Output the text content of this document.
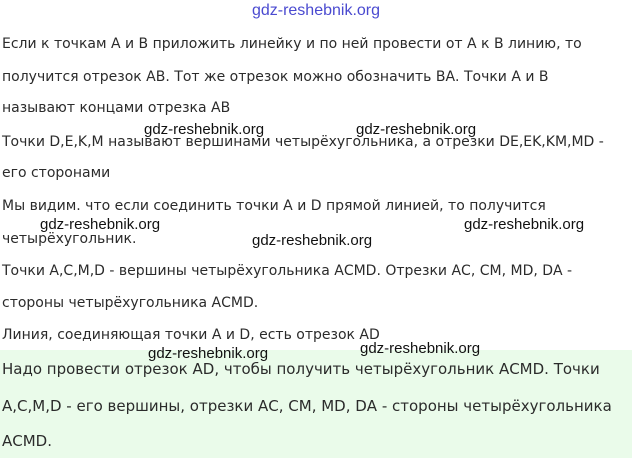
gdz-reshebnik.org
Если к точкам А и В приложить линейку и по ней провести от А к В линию, то
получится отрезок АВ. Тот же отрезок можно обозначить ВА. Точки А и В
называют концами отрезка АВ
Точки D,E,K,M называют вершинами четырёхугольника, а отрезки DE,EK,KM,MD -
его сторонами
Мы видим. что если соединить точки А и D прямой линией, то получится
четырёхугольник.
Точки А,С,М,D - вершины четырёхугольника АСМD. Отрезки АС, СМ, МD, DА -
стороны четырёхугольника АСМD.
Линия, соединяющая точки А и D, есть отрезок АD
Надо провести отрезок АD, чтобы получить четырёхугольник АСМD. Точки
А,С,М,D - его вершины, отрезки АС, СМ, МD, DА - стороны четырёхугольника
АСМD.
gdz-reshebnik.org	gdz-reshebnik.org
gdz-reshebnik.org	gdz-reshebnik.org
gdz-reshebnik.org
gdz-reshebnik.org	gdz-reshebnik.org
